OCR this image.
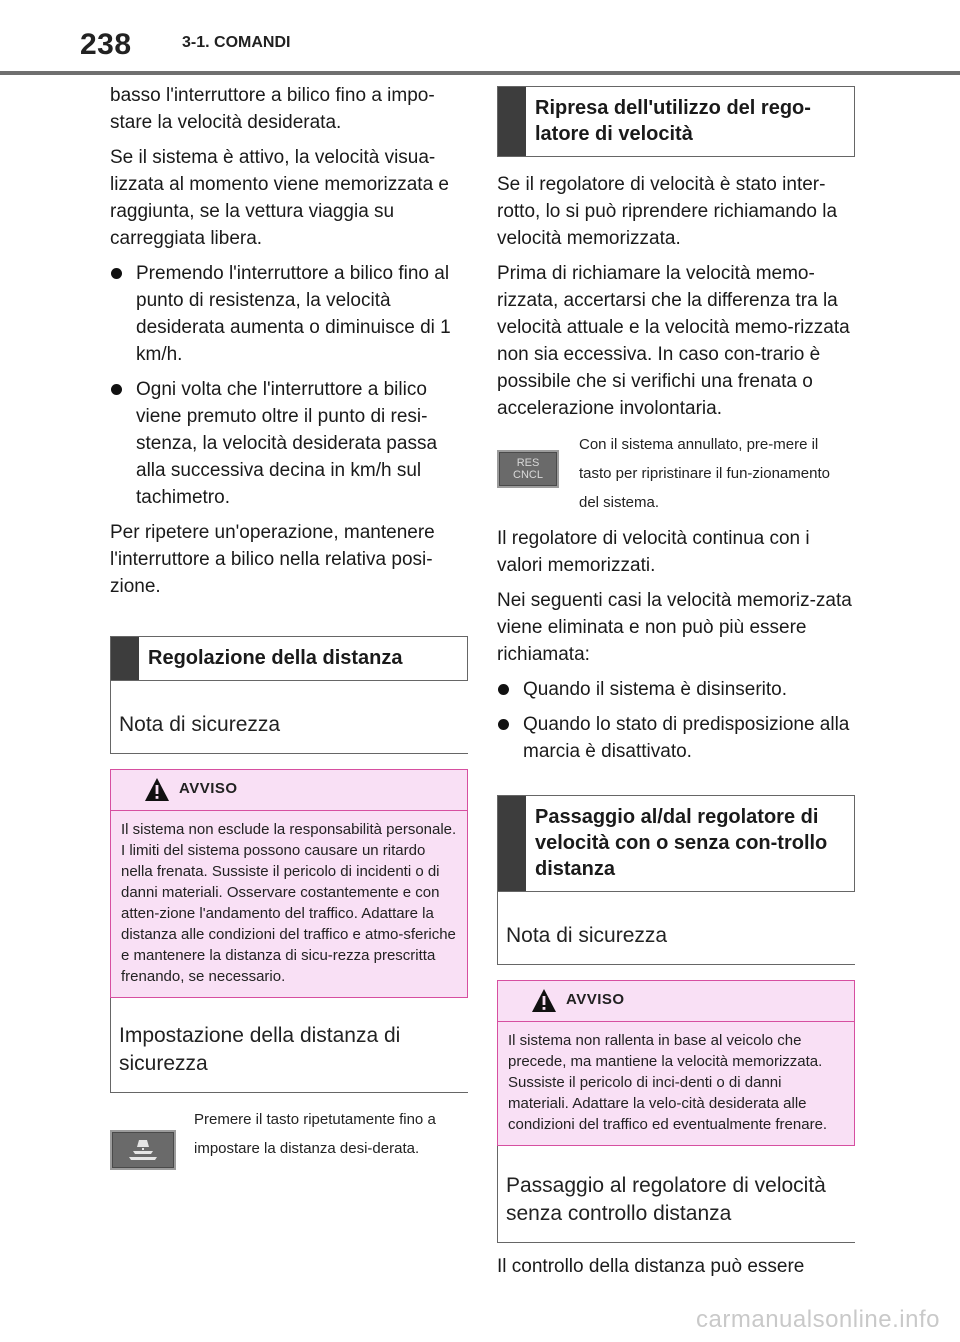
238	3-1. COMANDI

basso l'interruttore a bilico fino a impo-stare la velocità desiderata.

Se il sistema è attivo, la velocità visua-lizzata al momento viene memorizzata e raggiunta, se la vettura viaggia su carreggiata libera.

Premendo l'interruttore a bilico fino al punto di resistenza, la velocità desiderata aumenta o diminuisce di 1 km/h.
Ogni volta che l'interruttore a bilico viene premuto oltre il punto di resi-stenza, la velocità desiderata passa alla successiva decina in km/h sul tachimetro.

Per ripetere un'operazione, mantenere l'interruttore a bilico nella relativa posi-zione.

Regolazione della distanza
Nota di sicurezza
AVVISO
Il sistema non esclude la responsabilità personale. I limiti del sistema possono causare un ritardo nella frenata. Sussiste il pericolo di incidenti o di danni materiali. Osservare costantemente e con atten-zione l'andamento del traffico. Adattare la distanza alle condizioni del traffico e atmo-sferiche e mantenere la distanza di sicu-rezza prescritta frenando, se necessario.
Impostazione della distanza di sicurezza
Premere il tasto ripetutamente fino a impostare la distanza desi-derata.
Ripresa dell'utilizzo del rego-latore di velocità

Se il regolatore di velocità è stato inter-rotto, lo si può riprendere richiamando la velocità memorizzata.

Prima di richiamare la velocità memo-rizzata, accertarsi che la differenza tra la velocità attuale e la velocità memo-rizzata non sia eccessiva. In caso con-trario è possibile che si verifichi una frenata o accelerazione involontaria.

RES
CNCL
Con il sistema annullato, pre-mere il tasto per ripristinare il fun-zionamento del sistema.

Il regolatore di velocità continua con i valori memorizzati.

Nei seguenti casi la velocità memoriz-zata viene eliminata e non può più essere richiamata:

Quando il sistema è disinserito.
Quando lo stato di predisposizione alla marcia è disattivato.
Passaggio al/dal regolatore di velocità con o senza con-trollo distanza
Nota di sicurezza
AVVISO
Il sistema non rallenta in base al veicolo che precede, ma mantiene la velocità memorizzata. Sussiste il pericolo di inci-denti o di danni materiali. Adattare la velo-cità desiderata alle condizioni del traffico ed eventualmente frenare.
Passaggio al regolatore di velocità senza controllo distanza

Il controllo della distanza può essere

carmanualsonline.info
